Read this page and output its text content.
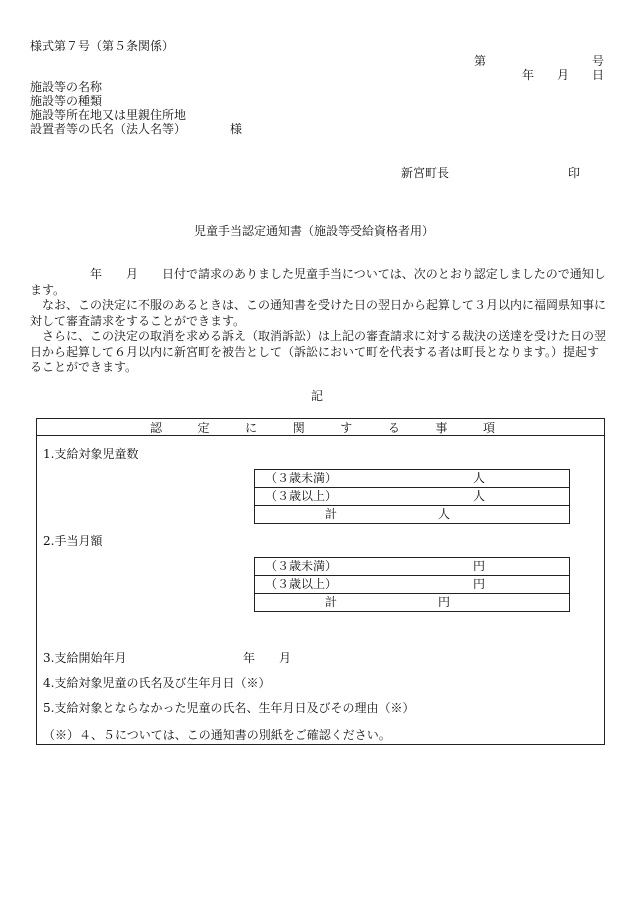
様式第７号（第５条関係）
第	号
年 月 日
施設等の名称
施設等の種類
施設等所在地又は里親住所地
設置者等の氏名（法人名等）	様
新宮町長	印
児童手当認定通知書（施設等受給資格者用）
　　　　　年　　月　　日付で請求のありました児童手当については、次のとおり認定しましたので通知します。
　なお、この決定に不服のあるときは、この通知書を受けた日の翌日から起算して３月以内に福岡県知事に対して審査請求をすることができます。
　さらに、この決定の取消を求める訴え（取消訴訟）は上記の審査請求に対する裁決の送達を受けた日の翌日から起算して６月以内に新宮町を被告として（訴訟において町を代表する者は町長となります。）提起することができます。
記
認	定	に	関	す	る	事	項
1.支給対象児童数
（３歳未満）	人

（３歳以上）	人

計	人
2.手当月額
（３歳未満）	円

（３歳以上）	円

計	円
3.支給開始年月	年 月
4.支給対象児童の氏名及び生年月日（※）
5.支給対象とならなかった児童の氏名、生年月日及びその理由（※）
（※）４、５については、この通知書の別紙をご確認ください。
